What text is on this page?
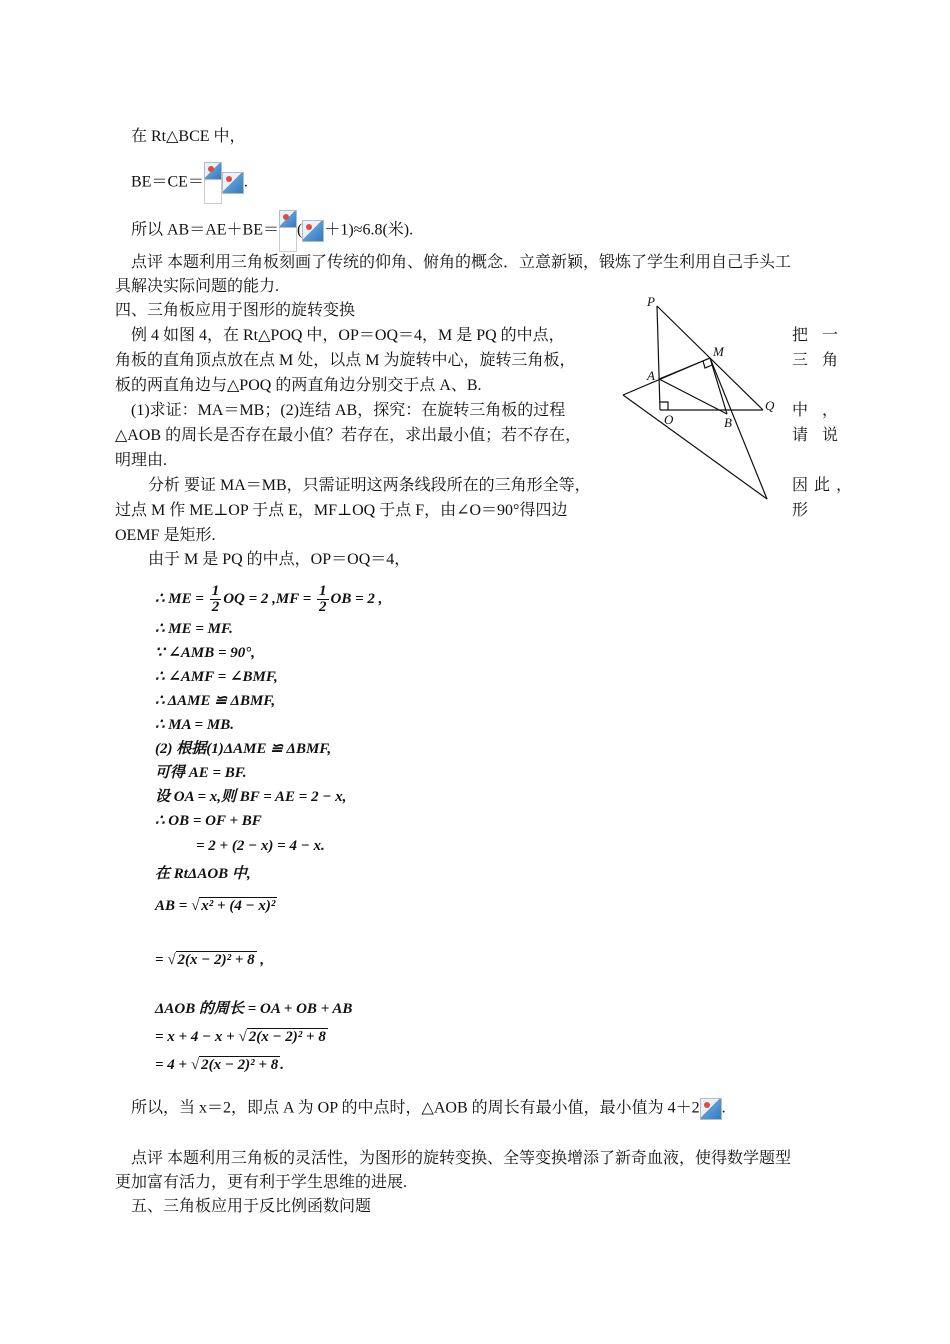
在 Rt△BCE 中，
BE＝CE＝	.
所以 AB＝AE＋BE＝ ( ＋1)≈6.8(米).
点评 本题利用三角板刻画了传统的仰角、俯角的概念．立意新颖，锻炼了学生利用自己手头工
具解决实际问题的能力.
四、三角板应用于图形的旋转变换
例 4 如图 4，在 Rt△POQ 中，OP＝OQ＝4，M 是 PQ 的中点，
角板的直角顶点放在点 M 处，以点 M 为旋转中心，旋转三角板，
板的两直角边与△POQ 的两直角边分别交于点 A、B.
(1)求证：MA＝MB；(2)连结 AB，探究：在旋转三角板的过程
△AOB 的周长是否存在最小值？若存在，求出最小值；若不存在，
明理由.
分析 要证 MA＝MB，只需证明这两条线段所在的三角形全等，
过点 M 作 ME⊥OP 于点 E，MF⊥OQ 于点 F，由∠O＝90°得四边
OEMF 是矩形.
由于 M 是 PQ 的中点，OP＝OQ＝4，
把 一
三 角
中 ，
请 说
因 此 ，
形
P
M
A
O	B
Q
∴ ME = $\frac{1}{2}$ OQ = 2 $,MF = \frac{1}{2}$ OB = 2 ,
∴ ME = MF.
∵ ∠AMB = 90°,
∴ ∠AMF = ∠BMF,
∴ ΔAME ≌ ΔBMF,
∴ MA = MB.
(2) 根据(1)ΔAME ≌ ΔBMF,
可得 AE = BF.
设 OA = x,则 BF = AE = 2 − x,
∴ OB = OF + BF
= 2 + (2 − x) = 4 − x.
在 RtΔAOB 中,
AB = √ x² + (4 − x)²
= √ 2(x − 2)² + 8 ,
ΔAOB 的周长 = OA + OB + AB
= x + 4 − x + √ 2(x − 2)² + 8
= 4 + √ 2(x − 2)² + 8 .
所以，当 x＝2，即点 A 为 OP 的中点时，△AOB 的周长有最小值，最小值为 4＋2 .
点评 本题利用三角板的灵活性，为图形的旋转变换、全等变换增添了新奇血液，使得数学题型
更加富有活力，更有利于学生思维的进展.
五、三角板应用于反比例函数问题
